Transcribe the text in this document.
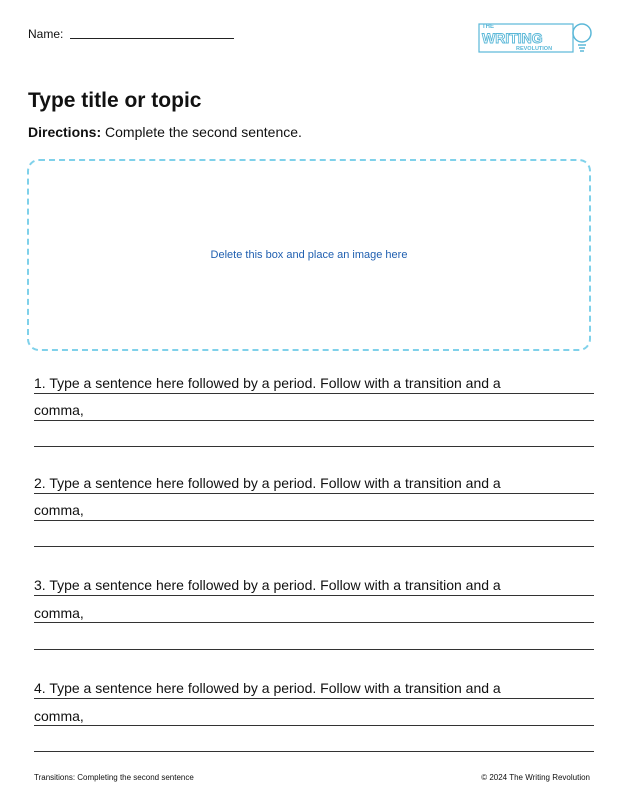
Name:	THE
WRITING
REVOLUTION
Type title or topic
Directions: Complete the second sentence.
Delete this box and place an image here
1. Type a sentence here followed by a period. Follow with a transition and a
comma,
2. Type a sentence here followed by a period. Follow with a transition and a
comma,
3. Type a sentence here followed by a period. Follow with a transition and a
comma,
4. Type a sentence here followed by a period. Follow with a transition and a
comma,
Transitions: Completing the second sentence	© 2024 The Writing Revolution
